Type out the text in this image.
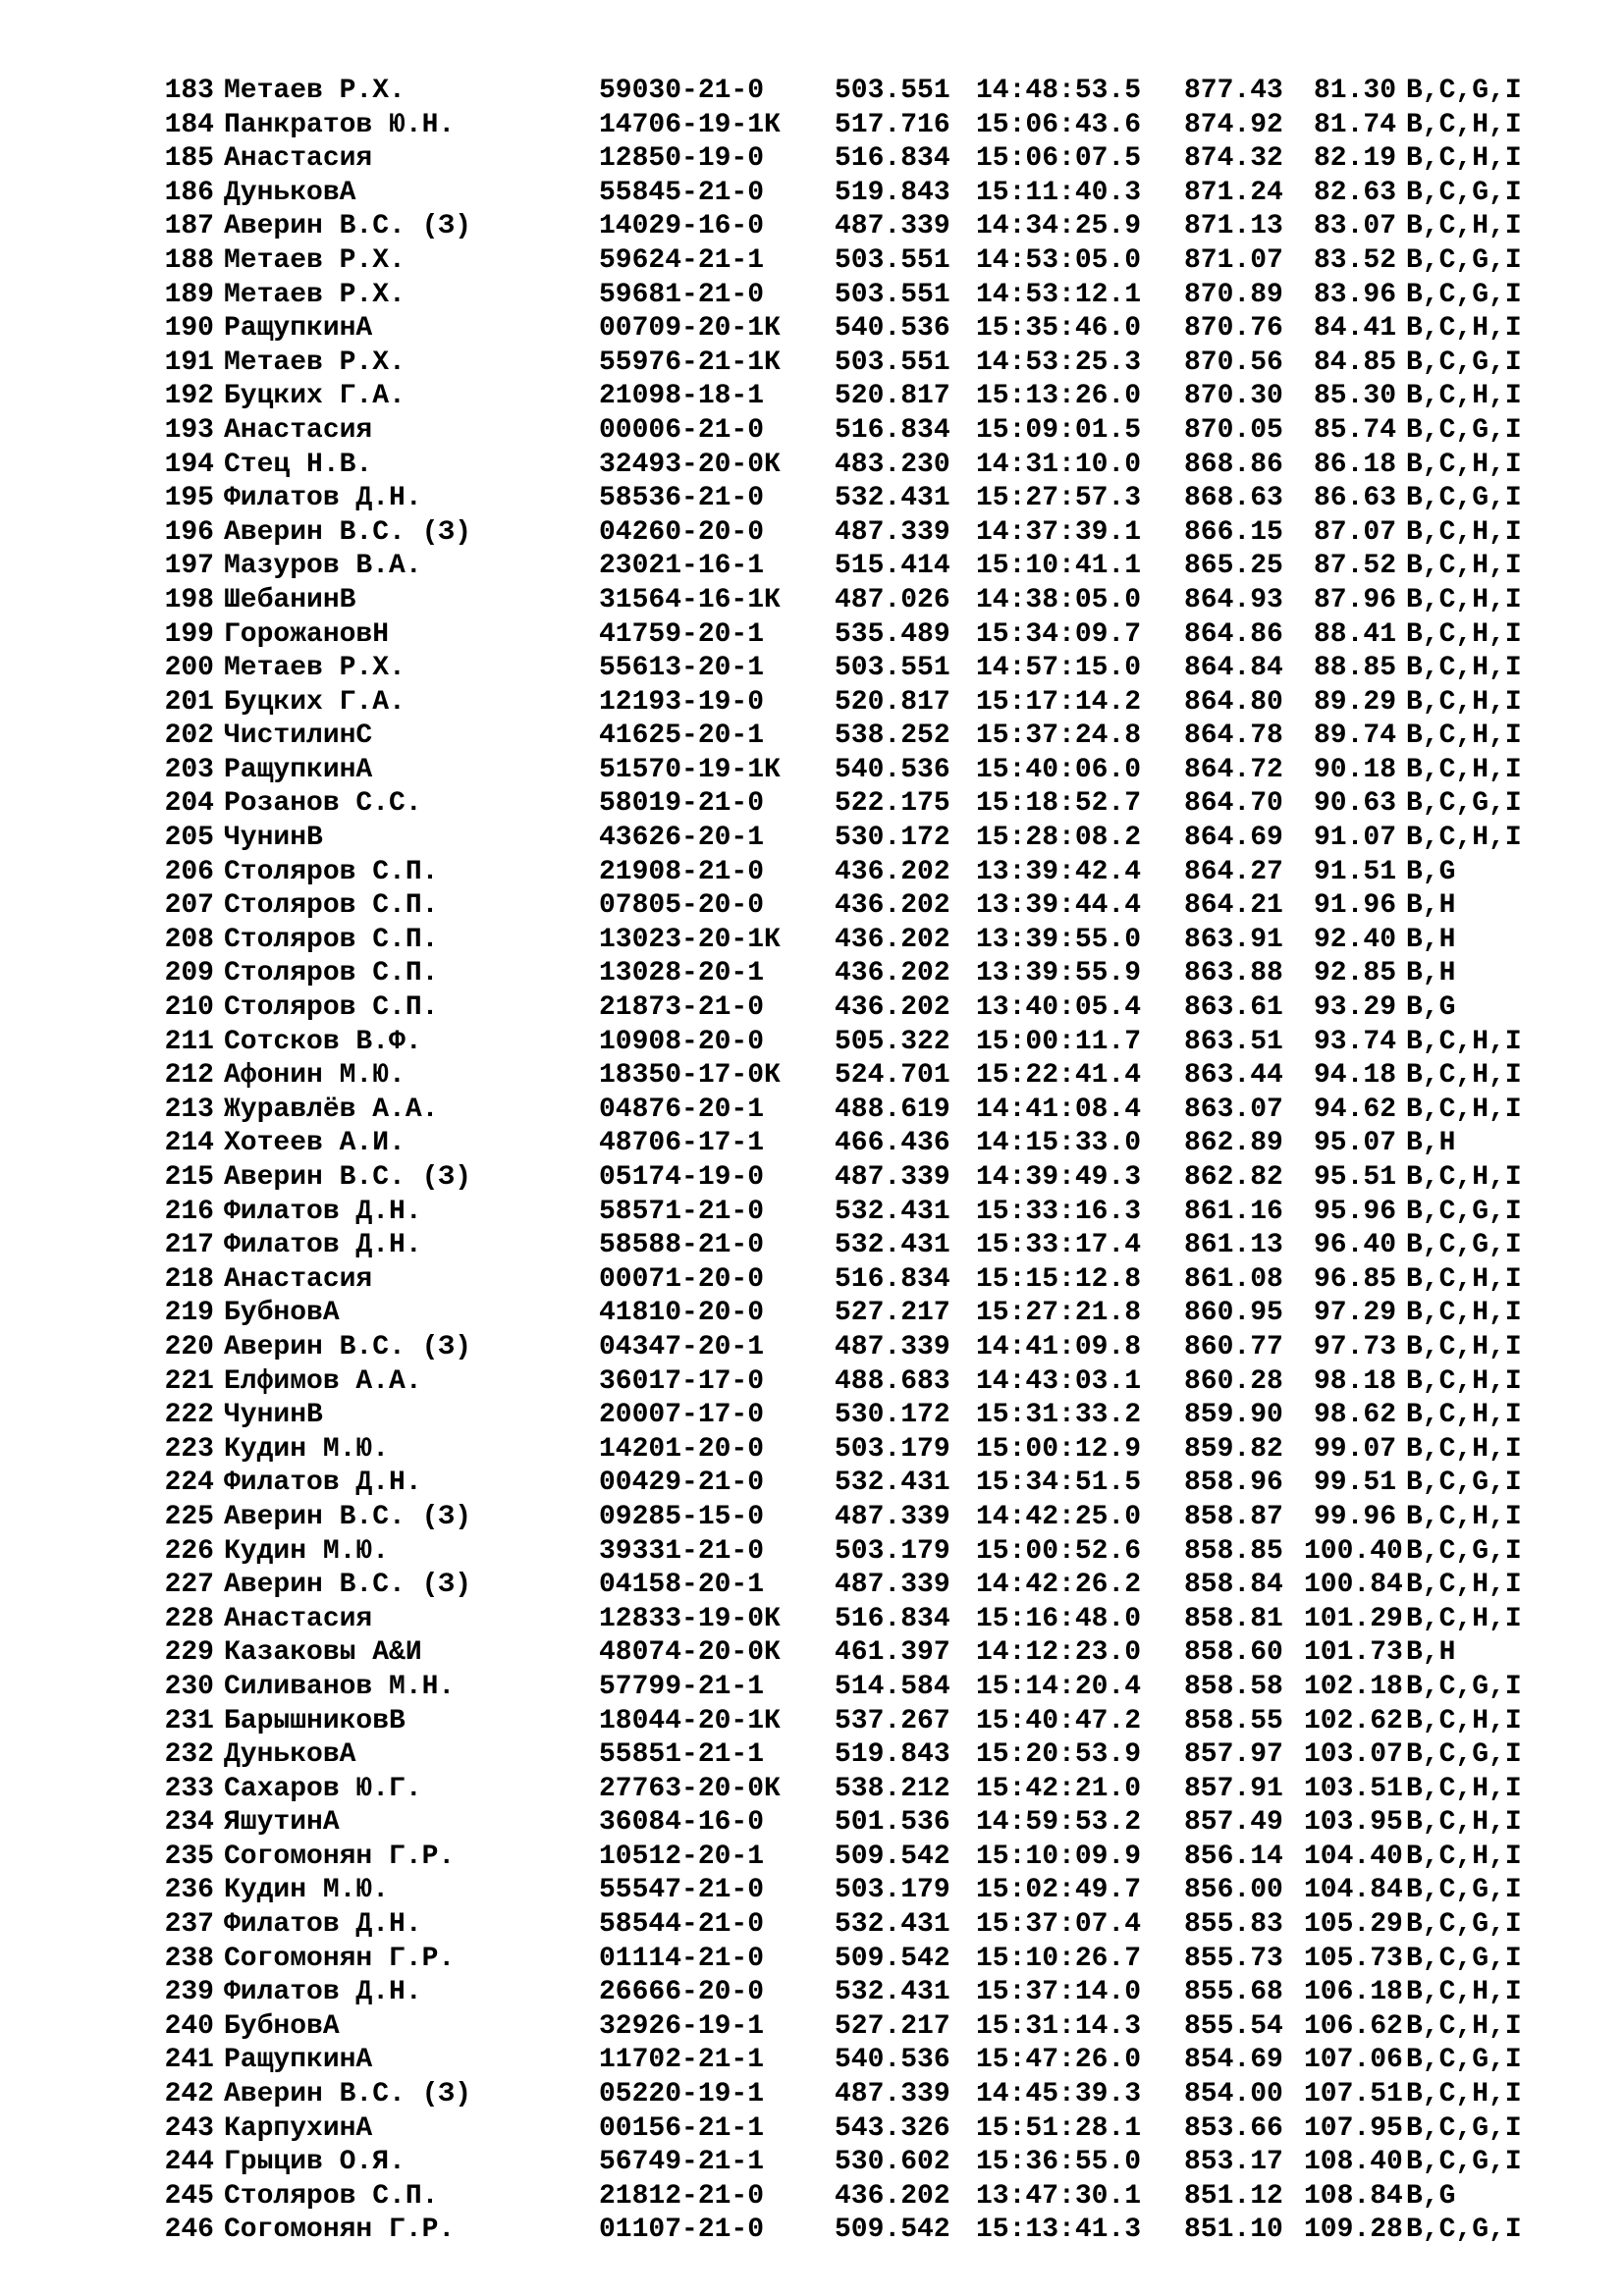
183 Метаев Р.Х.	59030-21-0	503.551 14:48:53.5	877.43	81.30 B,C,G,I
184 Панкратов Ю.Н.	14706-19-1К	517.716 15:06:43.6	874.92	81.74 B,C,H,I
185 Анастасия	12850-19-0	516.834 15:06:07.5	874.32	82.19 B,C,H,I
186 ДуньковА	55845-21-0	519.843 15:11:40.3	871.24	82.63 B,C,G,I
187 Аверин В.С. (З)	14029-16-0	487.339 14:34:25.9	871.13	83.07 B,C,H,I
188 Метаев Р.Х.	59624-21-1	503.551 14:53:05.0	871.07	83.52 B,C,G,I
189 Метаев Р.Х.	59681-21-0	503.551 14:53:12.1	870.89	83.96 B,C,G,I
190 РащупкинА	00709-20-1К	540.536 15:35:46.0	870.76	84.41 B,C,H,I
191 Метаев Р.Х.	55976-21-1К	503.551 14:53:25.3	870.56	84.85 B,C,G,I
192 Буцких Г.А.	21098-18-1	520.817 15:13:26.0	870.30	85.30 B,C,H,I
193 Анастасия	00006-21-0	516.834 15:09:01.5	870.05	85.74 B,C,G,I
194 Стец Н.В.	32493-20-0К	483.230 14:31:10.0	868.86	86.18 B,C,H,I
195 Филатов Д.Н.	58536-21-0	532.431 15:27:57.3	868.63	86.63 B,C,G,I
196 Аверин В.С. (З)	04260-20-0	487.339 14:37:39.1	866.15	87.07 B,C,H,I
197 Мазуров В.А.	23021-16-1	515.414 15:10:41.1	865.25	87.52 B,C,H,I
198 ШебанинВ	31564-16-1К	487.026 14:38:05.0	864.93	87.96 B,C,H,I
199 ГорожановН	41759-20-1	535.489 15:34:09.7	864.86	88.41 B,C,H,I
200 Метаев Р.Х.	55613-20-1	503.551 14:57:15.0	864.84	88.85 B,C,H,I
201 Буцких Г.А.	12193-19-0	520.817 15:17:14.2	864.80	89.29 B,C,H,I
202 ЧистилинС	41625-20-1	538.252 15:37:24.8	864.78	89.74 B,C,H,I
203 РащупкинА	51570-19-1К	540.536 15:40:06.0	864.72	90.18 B,C,H,I
204 Розанов С.С.	58019-21-0	522.175 15:18:52.7	864.70	90.63 B,C,G,I
205 ЧунинВ	43626-20-1	530.172 15:28:08.2	864.69	91.07 B,C,H,I
206 Столяров С.П.	21908-21-0	436.202 13:39:42.4	864.27	91.51 B,G
207 Столяров С.П.	07805-20-0	436.202 13:39:44.4	864.21	91.96 B,H
208 Столяров С.П.	13023-20-1К	436.202 13:39:55.0	863.91	92.40 B,H
209 Столяров С.П.	13028-20-1	436.202 13:39:55.9	863.88	92.85 B,H
210 Столяров С.П.	21873-21-0	436.202 13:40:05.4	863.61	93.29 B,G
211 Сотсков В.Ф.	10908-20-0	505.322 15:00:11.7	863.51	93.74 B,C,H,I
212 Афонин М.Ю.	18350-17-0К	524.701 15:22:41.4	863.44	94.18 B,C,H,I
213 Журавлёв А.А.	04876-20-1	488.619 14:41:08.4	863.07	94.62 B,C,H,I
214 Хотеев А.И.	48706-17-1	466.436 14:15:33.0	862.89	95.07 B,H
215 Аверин В.С. (З)	05174-19-0	487.339 14:39:49.3	862.82	95.51 B,C,H,I
216 Филатов Д.Н.	58571-21-0	532.431 15:33:16.3	861.16	95.96 B,C,G,I
217 Филатов Д.Н.	58588-21-0	532.431 15:33:17.4	861.13	96.40 B,C,G,I
218 Анастасия	00071-20-0	516.834 15:15:12.8	861.08	96.85 B,C,H,I
219 БубновА	41810-20-0	527.217 15:27:21.8	860.95	97.29 B,C,H,I
220 Аверин В.С. (З)	04347-20-1	487.339 14:41:09.8	860.77	97.73 B,C,H,I
221 Елфимов А.А.	36017-17-0	488.683 14:43:03.1	860.28	98.18 B,C,H,I
222 ЧунинВ	20007-17-0	530.172 15:31:33.2	859.90	98.62 B,C,H,I
223 Кудин М.Ю.	14201-20-0	503.179 15:00:12.9	859.82	99.07 B,C,H,I
224 Филатов Д.Н.	00429-21-0	532.431 15:34:51.5	858.96	99.51 B,C,G,I
225 Аверин В.С. (З)	09285-15-0	487.339 14:42:25.0	858.87	99.96 B,C,H,I
226 Кудин М.Ю.	39331-21-0	503.179 15:00:52.6	858.85 100.40 B,C,G,I
227 Аверин В.С. (З)	04158-20-1	487.339 14:42:26.2	858.84 100.84 B,C,H,I
228 Анастасия	12833-19-0К	516.834 15:16:48.0	858.81 101.29 B,C,H,I
229 Казаковы А&И	48074-20-0К	461.397 14:12:23.0	858.60 101.73 B,H
230 Силиванов М.Н.	57799-21-1	514.584 15:14:20.4	858.58 102.18 B,C,G,I
231 БарышниковВ	18044-20-1К	537.267 15:40:47.2	858.55 102.62 B,C,H,I
232 ДуньковА	55851-21-1	519.843 15:20:53.9	857.97 103.07 B,C,G,I
233 Сахаров Ю.Г.	27763-20-0К	538.212 15:42:21.0	857.91 103.51 B,C,H,I
234 ЯшутинА	36084-16-0	501.536 14:59:53.2	857.49 103.95 B,C,H,I
235 Согомонян Г.Р.	10512-20-1	509.542 15:10:09.9	856.14 104.40 B,C,H,I
236 Кудин М.Ю.	55547-21-0	503.179 15:02:49.7	856.00 104.84 B,C,G,I
237 Филатов Д.Н.	58544-21-0	532.431 15:37:07.4	855.83 105.29 B,C,G,I
238 Согомонян Г.Р.	01114-21-0	509.542 15:10:26.7	855.73 105.73 B,C,G,I
239 Филатов Д.Н.	26666-20-0	532.431 15:37:14.0	855.68 106.18 B,C,H,I
240 БубновА	32926-19-1	527.217 15:31:14.3	855.54 106.62 B,C,H,I
241 РащупкинА	11702-21-1	540.536 15:47:26.0	854.69 107.06 B,C,G,I
242 Аверин В.С. (З)	05220-19-1	487.339 14:45:39.3	854.00 107.51 B,C,H,I
243 КарпухинА	00156-21-1	543.326 15:51:28.1	853.66 107.95 B,C,G,I
244 Грыцив О.Я.	56749-21-1	530.602 15:36:55.0	853.17 108.40 B,C,G,I
245 Столяров С.П.	21812-21-0	436.202 13:47:30.1	851.12 108.84 B,G
246 Согомонян Г.Р.	01107-21-0	509.542 15:13:41.3	851.10 109.28 B,C,G,I
